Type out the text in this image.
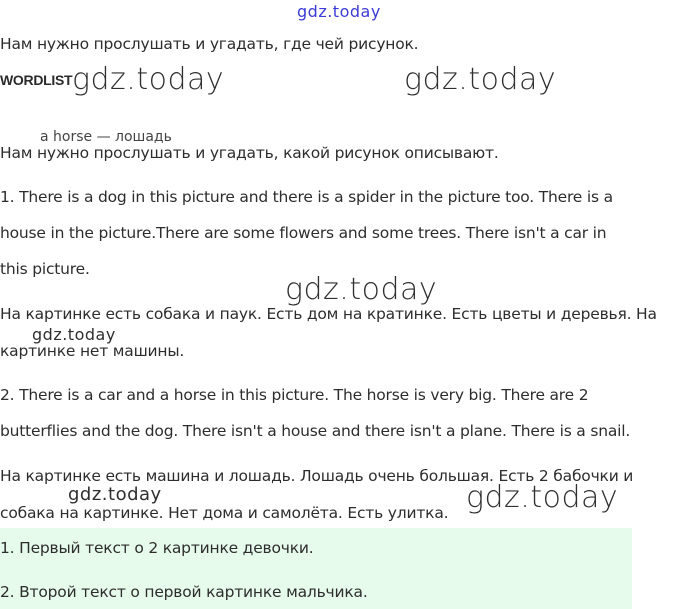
gdz.today
gdz.today	gdz.today
gdz.today
gdz.today
gdz.today	gdz.today
Нам нужно прослушать и угадать, где чей рисунок.
WORDLIST
a horse — лошадь
Нам нужно прослушать и угадать, какой рисунок описывают.
1. There is a dog in this picture and there is a spider in the picture too. There is a
house in the picture.There are some flowers and some trees. There isn't a car in
this picture.
На картинке есть собака и паук. Есть дом на кратинке. Есть цветы и деревья. На
картинке нет машины.
2. There is a car and a horse in this picture. The horse is very big. There are 2
butterflies and the dog. There isn't a house and there isn't a plane. There is a snail.
На картинке есть машина и лошадь. Лошадь очень большая. Есть 2 бабочки и
собака на картинке. Нет дома и самолёта. Есть улитка.
1. Первый текст о 2 картинке девочки.
2. Второй текст о первой картинке мальчика.
